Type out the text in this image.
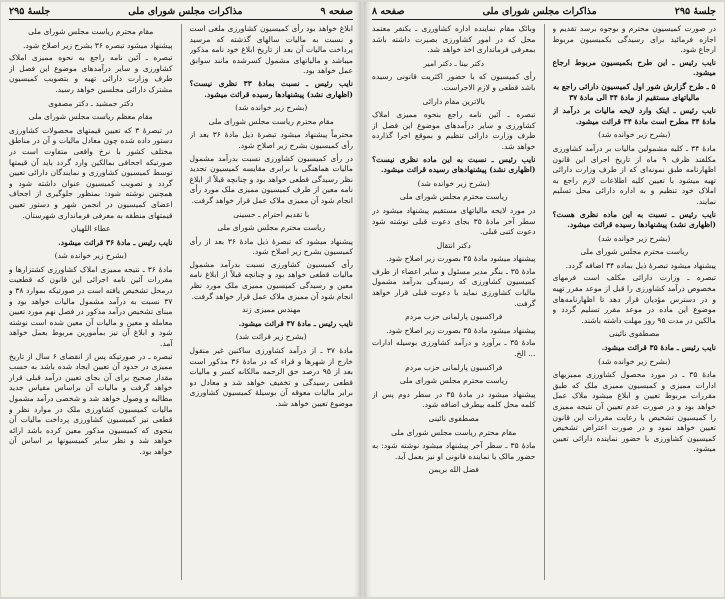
صفحه ۹
مذاکرات مجلس شورای ملی
جلسهٔ ۲۹۵

ابلاغ خواهد بود رأی کمیسیون کشاورزی ملغی است و نسبت به مالیات سالهای گذشته که مرسید پرداخت مالیات آن بعد از تاریخ ابلاغ خود نامه مذکور میباشد و مالیاتهای مشمول کسرشده مانند سوابق عمل خواهد بود.

نایب رئیس ـ نسبت بمادهٔ ۳۳ نظری نیست؟ (اظهاری نشد) پیشنهادها رسیده قرائت میشود.

(بشرح زیر خوانده شد)

مقام محترم ریاست مجلس شورای ملی

محترماً پیشنهاد میشود تبصرهٔ ذیل مادهٔ ۳۶ بعد از رأی کمیسیون بشرح زیر اصلاح شود.

در رأی کمیسیون کشاورزی نسبت بدرآمد مشمول مالیات هماهنگی با برابری مقایسه کمیسیون تجدید نظر رسیدگی قطعی خواهد بود و چنانچه قبلاً از ابلاغ نامه معین از طرف کمیسیون ممیزی ملک مورد رأی انجام شود آن ممیزی ملاک عمل قرار خواهد گرفت.

با تقدیم احترام ـ حسینی

ریاست محترم مجلس شورای ملی

پیشنهاد میشود که تبصرهٔ ذیل مادهٔ ۳۶ بعد از رأی کمیسیون بشرح زیر اصلاح شود.

رأی کمیسیون کشاورزی نسبت بدرآمد مشمول مالیات قطعی خواهد بود و چنانچه قبلاً از ابلاغ نامه معین و رسیدگی کمیسیون ممیزی ملک مورد نظر انجام شود آن ممیزی ملاک عمل قرار خواهد گرفت.

مهندس ممیزی زند

نایب رئیس ـ مادهٔ ۳۷ قرائت میشود.

(بشرح زیر قرائت شد)

مادهٔ ۳۷ ـ از درآمد کشاورزی ساکنین غیر منقول خارج از شهرها و قراء که در مادهٔ ۳۶ مذکور است بعد از ۹۵ درصد حق الزحمه مالکانه کسر و مالیات قطعی رسیدگی و تخفیف خواهد شد و معادل دو برابر مالیات معوقه آن بوسیلهٔ کمیسیون کشاورزی موضوع تعیین خواهد شد.

مقام محترم ریاست مجلس شورای ملی

پیشنهاد میشود تبصره ۳۶ بشرح زیر اصلاح شود.

تبصره ـ آئین نامه راجع به نحوه ممیزی املاک کشاورزی و سایر درآمدهای موضوع این فصل از طرف وزارت دارائی تهیه و بتصویب کمیسیون مشترک دارائی مجلسین خواهد رسید.

دکتر جمشید ـ دکتر مصفوی

مقام معظم ریاست مجلس شورای ملی

در تبصرهٔ ۳ که تعیین قیمتهای محصولات کشاورزی دستور داده شده چون معادل مالیات و آن در مناطق مختلف کشور با نرخ واقعی متفاوت است در صورتیکه اجحافی بمالکین وارد گردد باید آن قیمتها توسط کمیسیون کشاورزی و نمایندگان دارائی تعیین گردد و تصویب کمیسیون عنوان داشته شود و همچنین نوشته شود: بمنظور جلوگیری از اجحاف اعضای کمیسیون در انجمن شهر و دستور تعیین قیمتهای منطقه به معرفی فرمانداری شهرستان.

عطاء اللهیان

نایب رئیس ـ مادهٔ ۳۶ قرائت میشود.

(بشرح زیر خوانده شد)

مادهٔ ۳۶ ـ نتیجه ممیزی املاک کشاورزی کشتزارها و مقررات آئین نامه اجرائی این قانون که قطعیت درمحل تشخیص یافته است در صورتیکه بموارد ۳۸ و ۳۷ نسبت به درآمد مشمول مالیات خواهد بود و مبنای تشخیص درآمد مذکور در فصل نهم مورد تعیین معامله و معین و مالیات آن معین شده است نوشته شود و ابلاغ آن نیز بمأمورین مربوط بعمل خواهد آمد.

تبصره ـ در صورتیکه پس از انقضای ۶ سال از تاریخ ممیزی در حدود آن تعیین ایجاد شده باشد به حسب مقدار صحیح برای آن بجای تعیین درآمد قبلی قرار خواهد گرفت و مالیات آن براساس مقیاس جدید مطالبه و وصول خواهد شد و شخصی درآمد مشمول مالیات کمیسیون کشاورزی ملک در موارد نظر و قطعی نیز کمیسیون کشاورزی پرداخت مالیات آن بنحوی که کمیسیون مذکور معین کرده باشد ارائه خواهد شد و نظر سایر کمیسیونها بر اساس آن خواهد بود.

جلسهٔ ۲۹۵
مذاکرات مجلس شورای ملی
صفحه ۸

در صورت کمیسیون محترم و بوجوه برسد تقدیم و اجازه فرمائید برای رسیدگی بکمیسیون مربوط ارجاع شود.

نایب رئیس ـ این طرح بکمیسیون مربوط ارجاع میشود.

۵ ـ طرح گزارش شور اول کمیسیون دارائی راجع به مالیاتهای مستقیم از مادهٔ ۳۴ الی مادهٔ ۳۷

نایب رئیس ـ اینک وارد لایحه مالیات بر درآمد از مادهٔ ۳۴ مطرح است مادهٔ ۳۴ قرائت میشود.

(بشرح زیر خوانده شد)

مادهٔ ۳۴ ـ کلیه مشمولین مالیات بر درآمد کشاورزی مکلفند ظرف ۹ ماه از تاریخ اجرای این قانون اظهارنامه طبق نمونه‌ای که از طرف وزارت دارائی تهیه میشود با تعیین کلیه اطلاعات لازم راجع به املاک خود تنظیم و به اداره دارائی محل تسلیم نمایند.

نایب رئیس ـ نسبت به این ماده نظری هست؟ (اظهاری نشد) پیشنهادها رسیده قرائت میشود.

(بشرح زیر خوانده شد)

ریاست محترم مجلس شورای ملی

پیشنهاد میشود تبصرهٔ ذیل بماده ۳۴ اضافه گردد.

تبصره ـ وزارت دارائی مکلف است فرمهای مخصوص درآمد کشاورزی را قبل از موعد مقرر تهیه و در دسترس مؤدیان قرار دهد تا اظهارنامه‌های موضوع این ماده در موعد مقرر تسلیم گردد و مالکین در مدت ۹۵ روز مهلت داشته باشند.

مصطفوی نائینی

نایب رئیس ـ مادهٔ ۳۵ قرائت میشود.

(بشرح زیر خوانده شد)

مادهٔ ۳۵ ـ در مورد محصول کشاورزی ممیزیهای ادارات ممیزی و کمیسیون ممیزی ملک که طبق مقررات مربوط تعیین و ابلاغ میشود ملاک عمل خواهد بود و در صورت عدم تعیین آن نتیجه ممیزی را کمیسیون تشخیص با رعایت مقررات این قانون تعیین خواهد نمود و در صورت اعتراض تشخیص کمیسیون کشاورزی با حضور نماینده دارائی تعیین میشود.

وبائک مقام نماینده اداره کشاورزی ـ یکنفر معتمد محل که در امور کشاورزی بصیرت داشته باشد بمعرفی فرمانداری اخذ خواهد شد.

دکتر بینا ـ دکتر امیر

رأی کمیسیون که با حضور اکثریت قانونی رسیده باشد قطعی و لازم الاجراست.

بالاترین مقام دارائی

تبصره ـ آئین نامه راجع بنحوه ممیزی املاک کشاورزی و سایر درآمدهای موضوع این فصل از طرف وزارت دارائی تنظیم و بموقع اجرا گذارده خواهد شد.

نایب رئیس ـ نسبت به این ماده نظری نیست؟ (اظهاری نشد) پیشنهادهای رسیده قرائت میشود.

(بشرح زیر خوانده شد)

ریاست محترم مجلس شورای ملی

در مورد لایحه مالیاتهای مستقیم پیشنهاد میشود در سطر آخر مادهٔ ۳۵ بجای دعوت قبلی نوشته شود دعوت کتبی قبلی.

دکتر انتقال

پیشنهاد میشود مادهٔ ۳۵ بصورت زیر اصلاح شود.

مادهٔ ۳۵ ـ بنگر مدیر مسئول و سایر اعضاء از طرف کمیسیون کشاورزی که رسیدگی بدرآمد مشمول مالیات کشاورزی نماید با دعوت قبلی قرار خواهد گرفت.

فراکسیون پارلمانی حزب مردم

پیشنهاد میشود مادهٔ ۳۵ بصورت زیر اصلاح شود.

مادهٔ ۳۵ ـ برآورد و درآمد کشاورزی بوسیله ادارات ... الخ.

فراکسیون پارلمانی حزب مردم

ریاست محترم مجلس شورای ملی

پیشنهاد میشود در مادهٔ ۳۵ در سطر دوم پس از کلمه محل کلمه بیطرف اضافه شود.

مصطفوی نائینی

مقام محترم ریاست مجلس شورای ملی

مادهٔ ۳۵ ـ سطر آخر پیشنهاد میشود نوشته شود: به حضور مالک یا نماینده قانونی او نیز بعمل آید.

فضل الله بریمن
